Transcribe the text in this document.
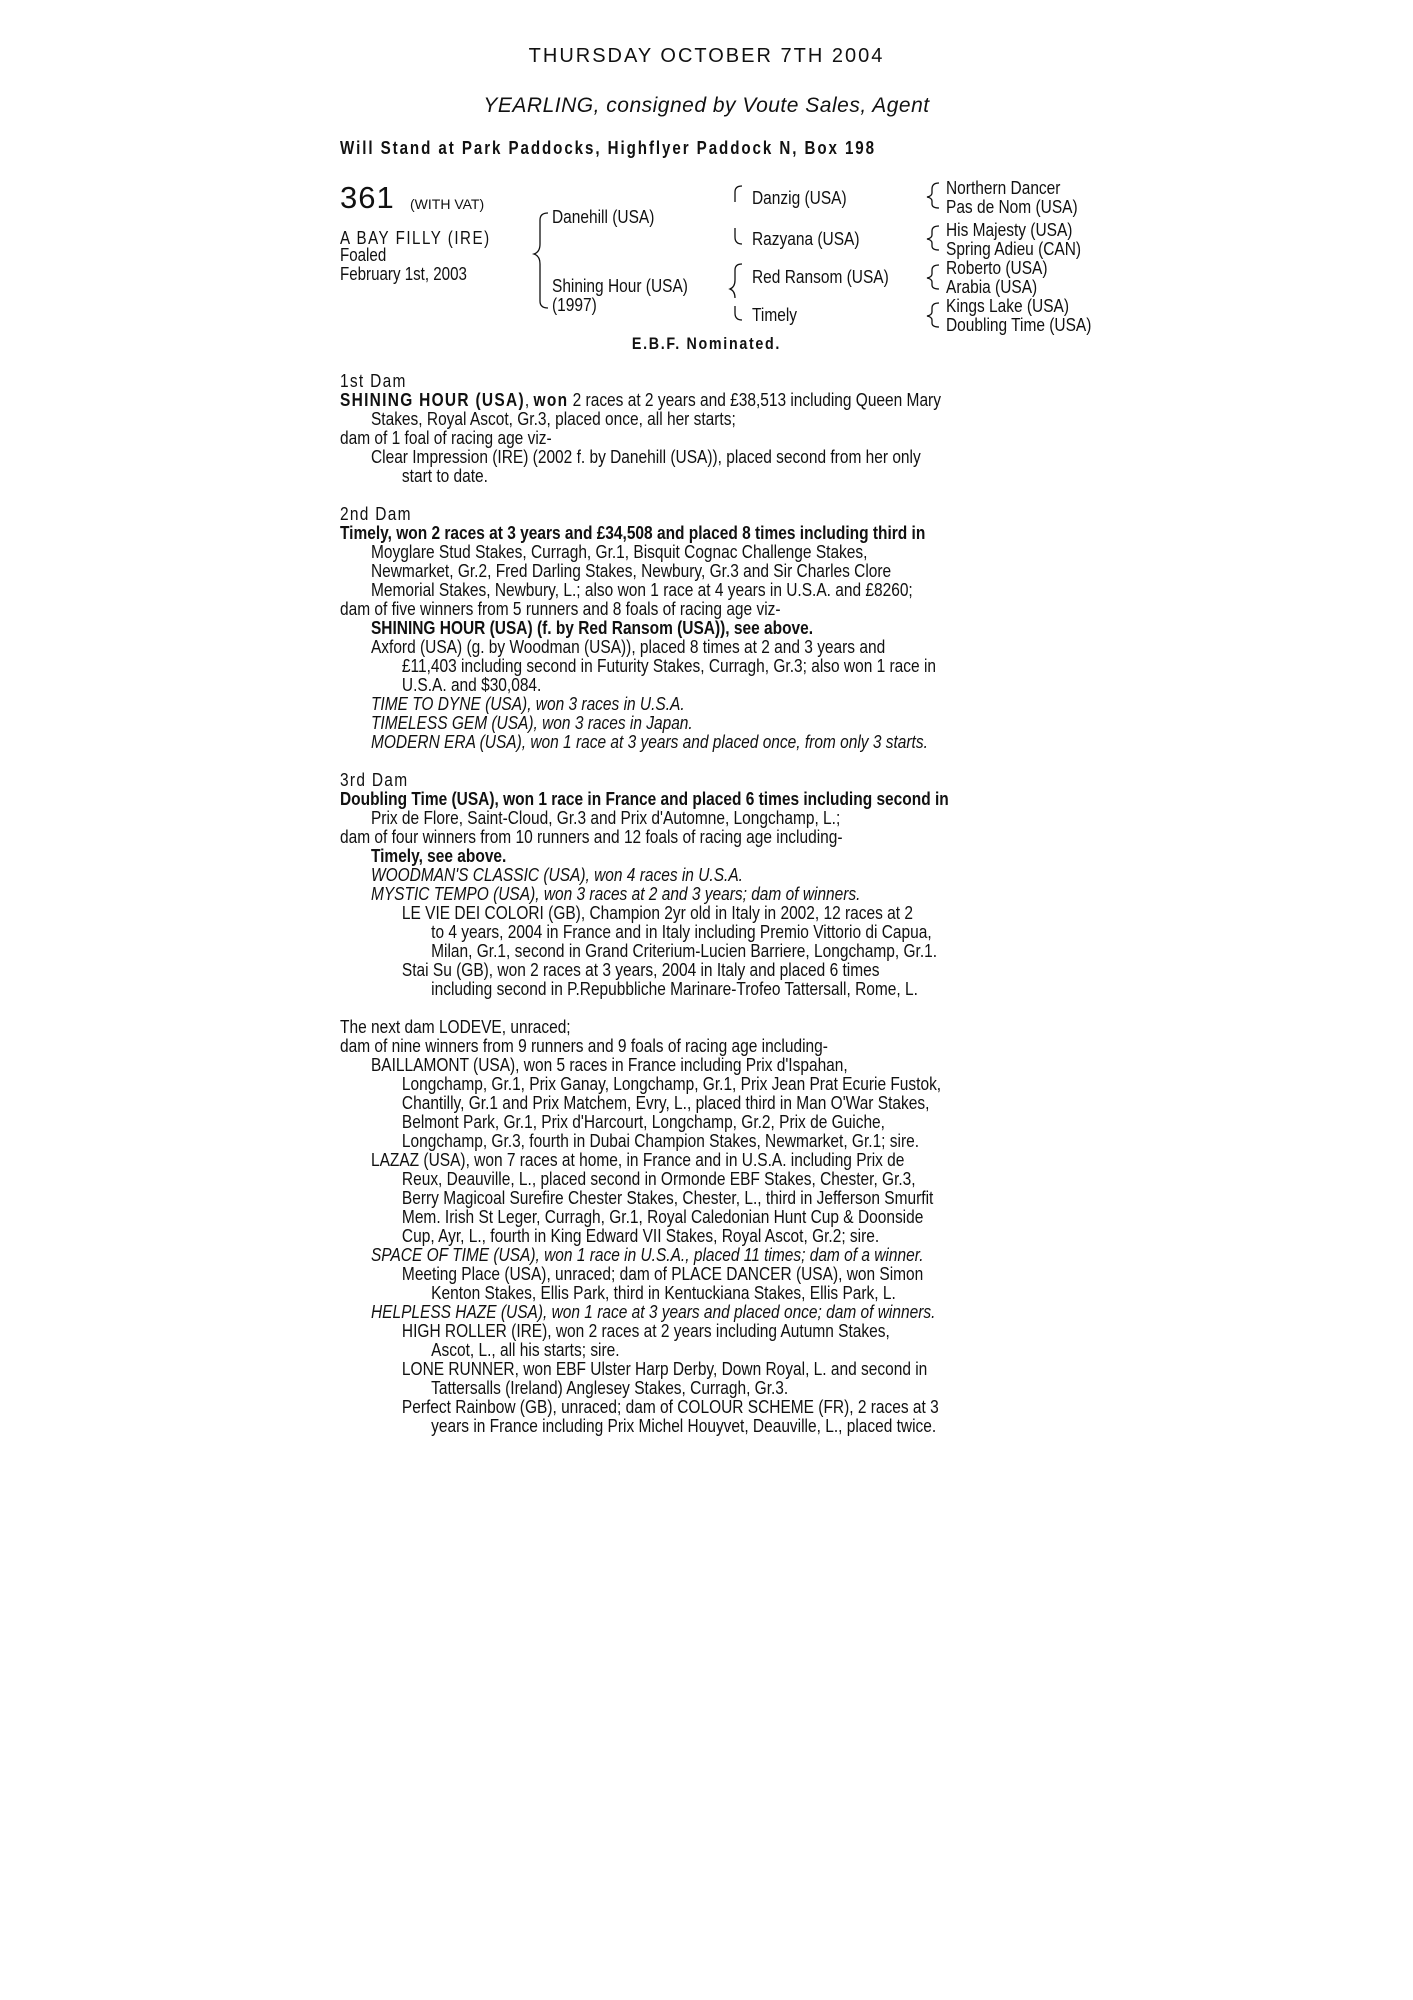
THURSDAY OCTOBER 7TH 2004
YEARLING, consigned by Voute Sales, Agent
Will Stand at Park Paddocks, Highflyer Paddock N, Box 198
361 (WITH VAT)
A BAY FILLY (IRE)
Foaled
February 1st, 2003
Danehill (USA)
Shining Hour (USA)
(1997)
Danzig (USA)
Razyana (USA)
Red Ransom (USA)
Timely
Northern Dancer
Pas de Nom (USA)
His Majesty (USA)
Spring Adieu (CAN)
Roberto (USA)
Arabia (USA)
Kings Lake (USA)
Doubling Time (USA)
E.B.F. Nominated.
1st Dam
SHINING HOUR (USA), won 2 races at 2 years and £38,513 including Queen Mary
Stakes, Royal Ascot, Gr.3, placed once, all her starts;
dam of 1 foal of racing age viz-
Clear Impression (IRE) (2002 f. by Danehill (USA)), placed second from her only
start to date.
2nd Dam
Timely, won 2 races at 3 years and £34,508 and placed 8 times including third in
Moyglare Stud Stakes, Curragh, Gr.1, Bisquit Cognac Challenge Stakes,
Newmarket, Gr.2, Fred Darling Stakes, Newbury, Gr.3 and Sir Charles Clore
Memorial Stakes, Newbury, L.; also won 1 race at 4 years in U.S.A. and £8260;
dam of five winners from 5 runners and 8 foals of racing age viz-
SHINING HOUR (USA) (f. by Red Ransom (USA)), see above.
Axford (USA) (g. by Woodman (USA)), placed 8 times at 2 and 3 years and
£11,403 including second in Futurity Stakes, Curragh, Gr.3; also won 1 race in
U.S.A. and $30,084.
TIME TO DYNE (USA), won 3 races in U.S.A.
TIMELESS GEM (USA), won 3 races in Japan.
MODERN ERA (USA), won 1 race at 3 years and placed once, from only 3 starts.
3rd Dam
Doubling Time (USA), won 1 race in France and placed 6 times including second in
Prix de Flore, Saint-Cloud, Gr.3 and Prix d'Automne, Longchamp, L.;
dam of four winners from 10 runners and 12 foals of racing age including-
Timely, see above.
WOODMAN'S CLASSIC (USA), won 4 races in U.S.A.
MYSTIC TEMPO (USA), won 3 races at 2 and 3 years; dam of winners.
LE VIE DEI COLORI (GB), Champion 2yr old in Italy in 2002, 12 races at 2
to 4 years, 2004 in France and in Italy including Premio Vittorio di Capua,
Milan, Gr.1, second in Grand Criterium-Lucien Barriere, Longchamp, Gr.1.
Stai Su (GB), won 2 races at 3 years, 2004 in Italy and placed 6 times
including second in P.Repubbliche Marinare-Trofeo Tattersall, Rome, L.
The next dam LODEVE, unraced;
dam of nine winners from 9 runners and 9 foals of racing age including-
BAILLAMONT (USA), won 5 races in France including Prix d'Ispahan,
Longchamp, Gr.1, Prix Ganay, Longchamp, Gr.1, Prix Jean Prat Ecurie Fustok,
Chantilly, Gr.1 and Prix Matchem, Evry, L., placed third in Man O'War Stakes,
Belmont Park, Gr.1, Prix d'Harcourt, Longchamp, Gr.2, Prix de Guiche,
Longchamp, Gr.3, fourth in Dubai Champion Stakes, Newmarket, Gr.1; sire.
LAZAZ (USA), won 7 races at home, in France and in U.S.A. including Prix de
Reux, Deauville, L., placed second in Ormonde EBF Stakes, Chester, Gr.3,
Berry Magicoal Surefire Chester Stakes, Chester, L., third in Jefferson Smurfit
Mem. Irish St Leger, Curragh, Gr.1, Royal Caledonian Hunt Cup & Doonside
Cup, Ayr, L., fourth in King Edward VII Stakes, Royal Ascot, Gr.2; sire.
SPACE OF TIME (USA), won 1 race in U.S.A., placed 11 times; dam of a winner.
Meeting Place (USA), unraced; dam of PLACE DANCER (USA), won Simon
Kenton Stakes, Ellis Park, third in Kentuckiana Stakes, Ellis Park, L.
HELPLESS HAZE (USA), won 1 race at 3 years and placed once; dam of winners.
HIGH ROLLER (IRE), won 2 races at 2 years including Autumn Stakes,
Ascot, L., all his starts; sire.
LONE RUNNER, won EBF Ulster Harp Derby, Down Royal, L. and second in
Tattersalls (Ireland) Anglesey Stakes, Curragh, Gr.3.
Perfect Rainbow (GB), unraced; dam of COLOUR SCHEME (FR), 2 races at 3
years in France including Prix Michel Houyvet, Deauville, L., placed twice.
